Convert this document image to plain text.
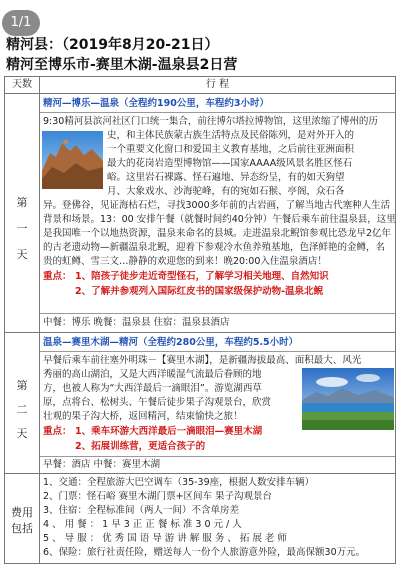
1/1
精河县：（2019年8月20-21日）
精河至博乐市-赛里木湖-温泉县2日营
天数	行 程
第
一
天
精河—博乐—温泉（全程约190公里，车程约3小时）
9:30精河县滨河社区门口统一集合，前往博尔塔拉博物馆，这里浓缩了博州的历
史，和主体民族蒙古族生活特点及民俗陈列，是对外开入的
一个重要文化窗口和爱国主义教育基地，之后前往亚洲面积
最大的花岗岩造型博物馆——国家AAAA级风景名胜区怪石
峪。这里岩石裸露、怪石遍地、异态纷呈，有的如天狗望
月、大象戏水、沙海驼峰，有的宛如石猴、亭阁，众石各
异。登佛谷，见证海枯石烂，寻找3000多年前的古岩画，了解当地古代塞种人生活
背景和场景。13：00 安排午餐（就餐时间约40分钟）午餐后乘车前往温泉县，这里
是我国唯一个以地热资源，温泉来命名的县城。走进温泉北鲵馆参观比恐龙早2亿年
的古老遗动物—新疆温泉北鲵，迎着下参观冷水鱼养殖基地，色泽鲜艳的金鳟，名
贵的虹鳟、雪三文…静静的欢迎您的到来！晚20:00入住温泉酒店！
重点： 1、陪孩子徒步走近奇型怪石，了解学习相关地理、自然知识
2、了解并参观列入国际红皮书的国家级保护动物-温泉北鲵
中餐：博乐 晚餐：温泉县 住宿：温泉县酒店
第
二
天
温泉—赛里木湖—精河（全程约280公里，车程约5.5小时）
早餐后乘车前往塞外明珠－【赛里木湖】，是新疆海拔最高、面积最大、风光
秀丽的高山湖泊，又是大西洋暖湿气流最后眷顾的地
方，也被人称为“大西洋最后一滴眼泪”。游览湖西草
原，点将台、松树头、午餐后徒步果子沟观景台，欣赏
壮观的果子沟大桥，返回精河，结束愉快之旅！
重点： 1、乘车环游大西洋最后一滴眼泪—赛里木湖
2、拓展训练营，更适合孩子的
早餐：酒店 中餐：赛里木湖
费用
包括
1、交通：全程旅游大巴空调车（35-39座，根据人数安排车辆）
2、门票：怪石峪 赛里木湖门票+区间车 果子沟观景台
3、住宿：全程标准间（两人一间）不含单房差
4 、 用 餐 ： 1 早 3 正 正 餐 标 准 3 0 元 / 人
5 、 导 服 ： 优 秀 国 语 导 游 讲 解 服 务 、 拓 展 老 师
6、保险：旅行社责任险，赠送每人一份个人旅游意外险，最高保额30万元。
